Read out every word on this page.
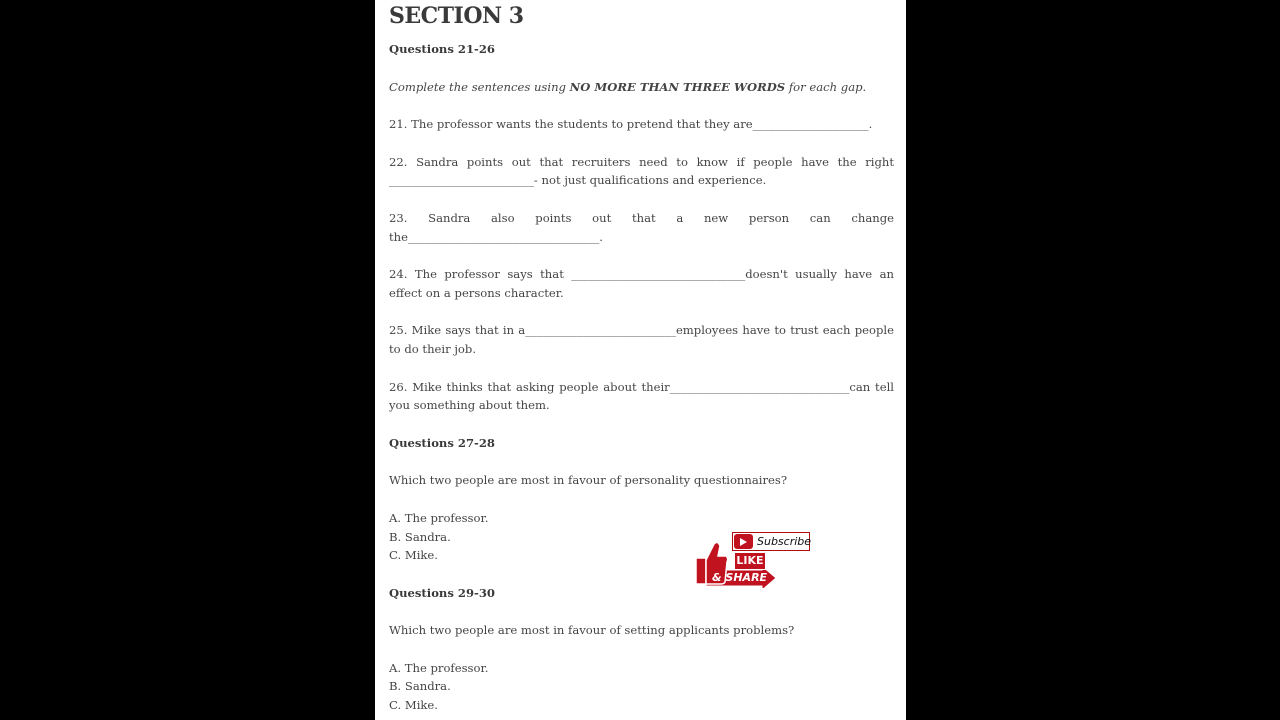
SECTION 3
Questions 21-26

Complete the sentences using NO MORE THAN THREE WORDS for each gap.

21. The professor wants the students to pretend that they are____________________.

22. Sandra points out that recruiters need to know if people have the right _________________________- not just qualifications and experience.

23. Sandra also points out that a new person can change the_________________________________.

24. The professor says that ______________________________doesn't usually have an effect on a persons character.

25. Mike says that in a__________________________employees have to trust each people to do their job.

26. Mike thinks that asking people about their_______________________________can tell you something about them.

Questions 27-28

Which two people are most in favour of personality questionnaires?

A. The professor.
B. Sandra.
C. Mike.
Questions 29-30

Which two people are most in favour of setting applicants problems?

A. The professor.
B. Sandra.
C. Mike.
Subscribe
LIKE
& SHARE
